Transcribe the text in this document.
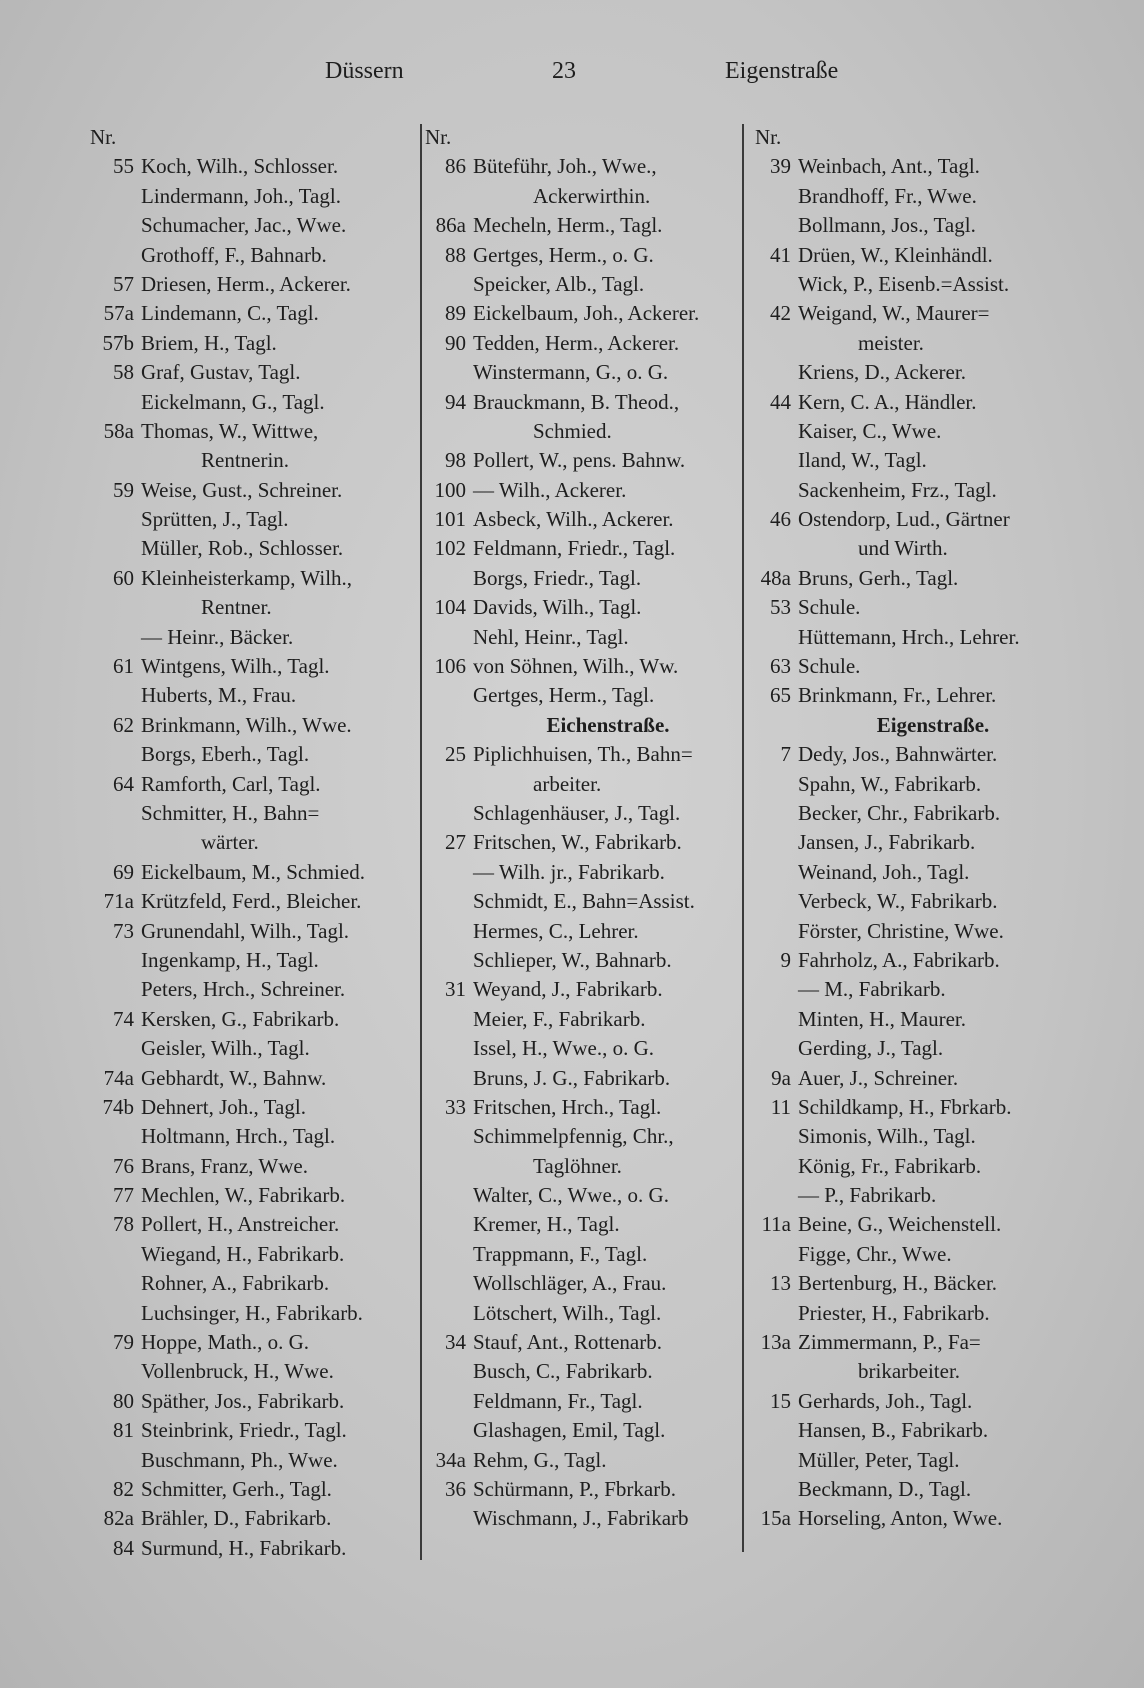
Düssern	23	Eigenstraße
55 Koch, Wilh., Schlosser.
Lindermann, Joh., Tagl.
Schumacher, Jac., Wwe.
Grothoff, F., Bahnarb.
57 Driesen, Herm., Ackerer.
57a Lindemann, C., Tagl.
57b Briem, H., Tagl.
58 Graf, Gustav, Tagl.
Eickelmann, G., Tagl.
58a Thomas, W., Wittwe,
Rentnerin.
59 Weise, Gust., Schreiner.
Sprütten, J., Tagl.
Müller, Rob., Schlosser.
60 Kleinheisterkamp, Wilh.,
Rentner.
— Heinr., Bäcker.
61 Wintgens, Wilh., Tagl.
Huberts, M., Frau.
62 Brinkmann, Wilh., Wwe.
Borgs, Eberh., Tagl.
64 Ramforth, Carl, Tagl.
Schmitter, H., Bahn=
wärter.
69 Eickelbaum, M., Schmied.
71a Krützfeld, Ferd., Bleicher.
73 Grunendahl, Wilh., Tagl.
Ingenkamp, H., Tagl.
Peters, Hrch., Schreiner.
74 Kersken, G., Fabrikarb.
Geisler, Wilh., Tagl.
74a Gebhardt, W., Bahnw.
74b Dehnert, Joh., Tagl.
Holtmann, Hrch., Tagl.
76 Brans, Franz, Wwe.
77 Mechlen, W., Fabrikarb.
78 Pollert, H., Anstreicher.
Wiegand, H., Fabrikarb.
Rohner, A., Fabrikarb.
Luchsinger, H., Fabrikarb.
79 Hoppe, Math., o. G.
Vollenbruck, H., Wwe.
80 Späther, Jos., Fabrikarb.
81 Steinbrink, Friedr., Tagl.
Buschmann, Ph., Wwe.
82 Schmitter, Gerh., Tagl.
82a Brähler, D., Fabrikarb.
84 Surmund, H., Fabrikarb.
86 Büteführ, Joh., Wwe.,
Ackerwirthin.
86a Mecheln, Herm., Tagl.
88 Gertges, Herm., o. G.
Speicker, Alb., Tagl.
89 Eickelbaum, Joh., Ackerer.
90 Tedden, Herm., Ackerer.
Winstermann, G., o. G.
94 Brauckmann, B. Theod.,
Schmied.
98 Pollert, W., pens. Bahnw.
100 — Wilh., Ackerer.
101 Asbeck, Wilh., Ackerer.
102 Feldmann, Friedr., Tagl.
Borgs, Friedr., Tagl.
104 Davids, Wilh., Tagl.
Nehl, Heinr., Tagl.
106 von Söhnen, Wilh., Ww.
Gertges, Herm., Tagl.
Eichenstraße.
25 Piplichhuisen, Th., Bahn=
arbeiter.
Schlagenhäuser, J., Tagl.
27 Fritschen, W., Fabrikarb.
— Wilh. jr., Fabrikarb.
Schmidt, E., Bahn=Assist.
Hermes, C., Lehrer.
Schlieper, W., Bahnarb.
31 Weyand, J., Fabrikarb.
Meier, F., Fabrikarb.
Issel, H., Wwe., o. G.
Bruns, J. G., Fabrikarb.
33 Fritschen, Hrch., Tagl.
Schimmelpfennig, Chr.,
Taglöhner.
Walter, C., Wwe., o. G.
Kremer, H., Tagl.
Trappmann, F., Tagl.
Wollschläger, A., Frau.
Lötschert, Wilh., Tagl.
34 Stauf, Ant., Rottenarb.
Busch, C., Fabrikarb.
Feldmann, Fr., Tagl.
Glashagen, Emil, Tagl.
34a Rehm, G., Tagl.
36 Schürmann, P., Fbrkarb.
Wischmann, J., Fabrikarb
39 Weinbach, Ant., Tagl.
Brandhoff, Fr., Wwe.
Bollmann, Jos., Tagl.
41 Drüen, W., Kleinhändl.
Wick, P., Eisenb.=Assist.
42 Weigand, W., Maurer=
meister.
Kriens, D., Ackerer.
44 Kern, C. A., Händler.
Kaiser, C., Wwe.
Iland, W., Tagl.
Sackenheim, Frz., Tagl.
46 Ostendorp, Lud., Gärtner
und Wirth.
48a Bruns, Gerh., Tagl.
53 Schule.
Hüttemann, Hrch., Lehrer.
63 Schule.
65 Brinkmann, Fr., Lehrer.
Eigenstraße.
7 Dedy, Jos., Bahnwärter.
Spahn, W., Fabrikarb.
Becker, Chr., Fabrikarb.
Jansen, J., Fabrikarb.
Weinand, Joh., Tagl.
Verbeck, W., Fabrikarb.
Förster, Christine, Wwe.
9 Fahrholz, A., Fabrikarb.
— M., Fabrikarb.
Minten, H., Maurer.
Gerding, J., Tagl.
9a Auer, J., Schreiner.
11 Schildkamp, H., Fbrkarb.
Simonis, Wilh., Tagl.
König, Fr., Fabrikarb.
— P., Fabrikarb.
11a Beine, G., Weichenstell.
Figge, Chr., Wwe.
13 Bertenburg, H., Bäcker.
Priester, H., Fabrikarb.
13a Zimmermann, P., Fa=
brikarbeiter.
15 Gerhards, Joh., Tagl.
Hansen, B., Fabrikarb.
Müller, Peter, Tagl.
Beckmann, D., Tagl.
15a Horseling, Anton, Wwe.
Nr.	Nr.	Nr.
